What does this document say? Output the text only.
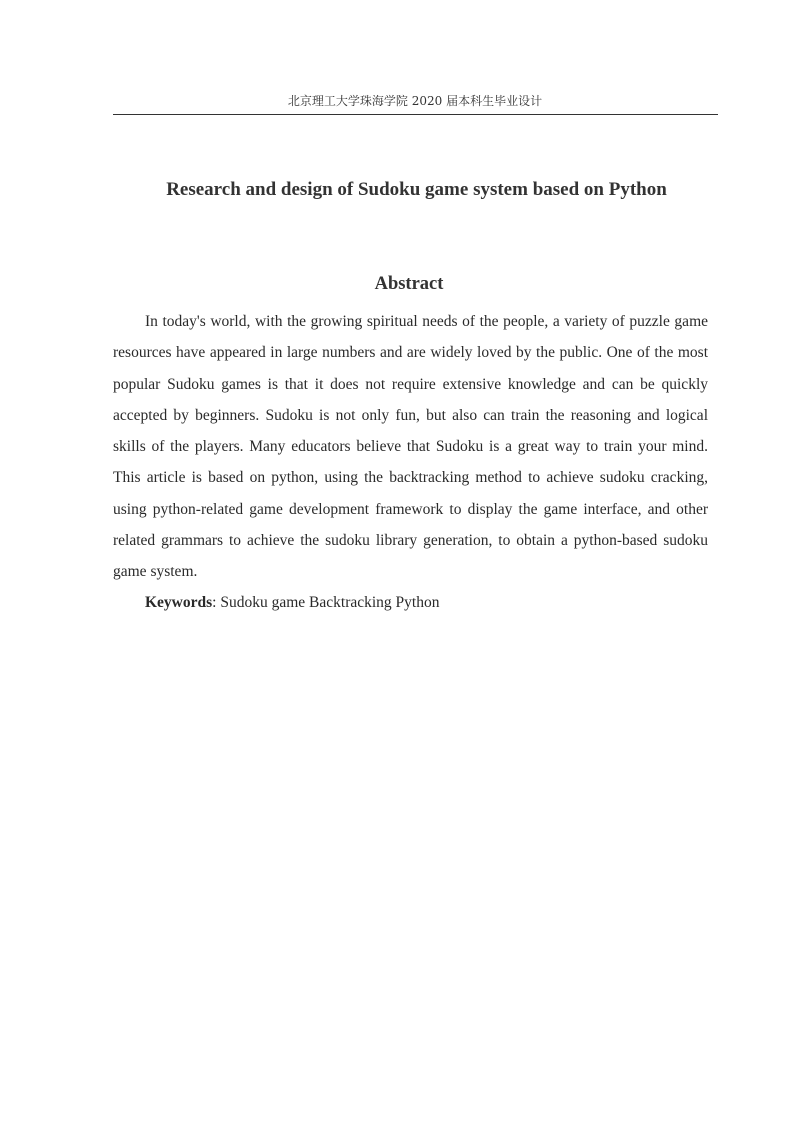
北京理工大学珠海学院 2020 届本科生毕业设计
Research and design of Sudoku game system based on Python
Abstract
In today's world, with the growing spiritual needs of the people, a variety of puzzle game resources have appeared in large numbers and are widely loved by the public. One of the most popular Sudoku games is that it does not require extensive knowledge and can be quickly accepted by beginners. Sudoku is not only fun, but also can train the reasoning and logical skills of the players. Many educators believe that Sudoku is a great way to train your mind. This article is based on python, using the backtracking method to achieve sudoku cracking, using python-related game development framework to display the game interface, and other related grammars to achieve the sudoku library generation, to obtain a python-based sudoku game system.
Keywords: Sudoku game Backtracking Python
